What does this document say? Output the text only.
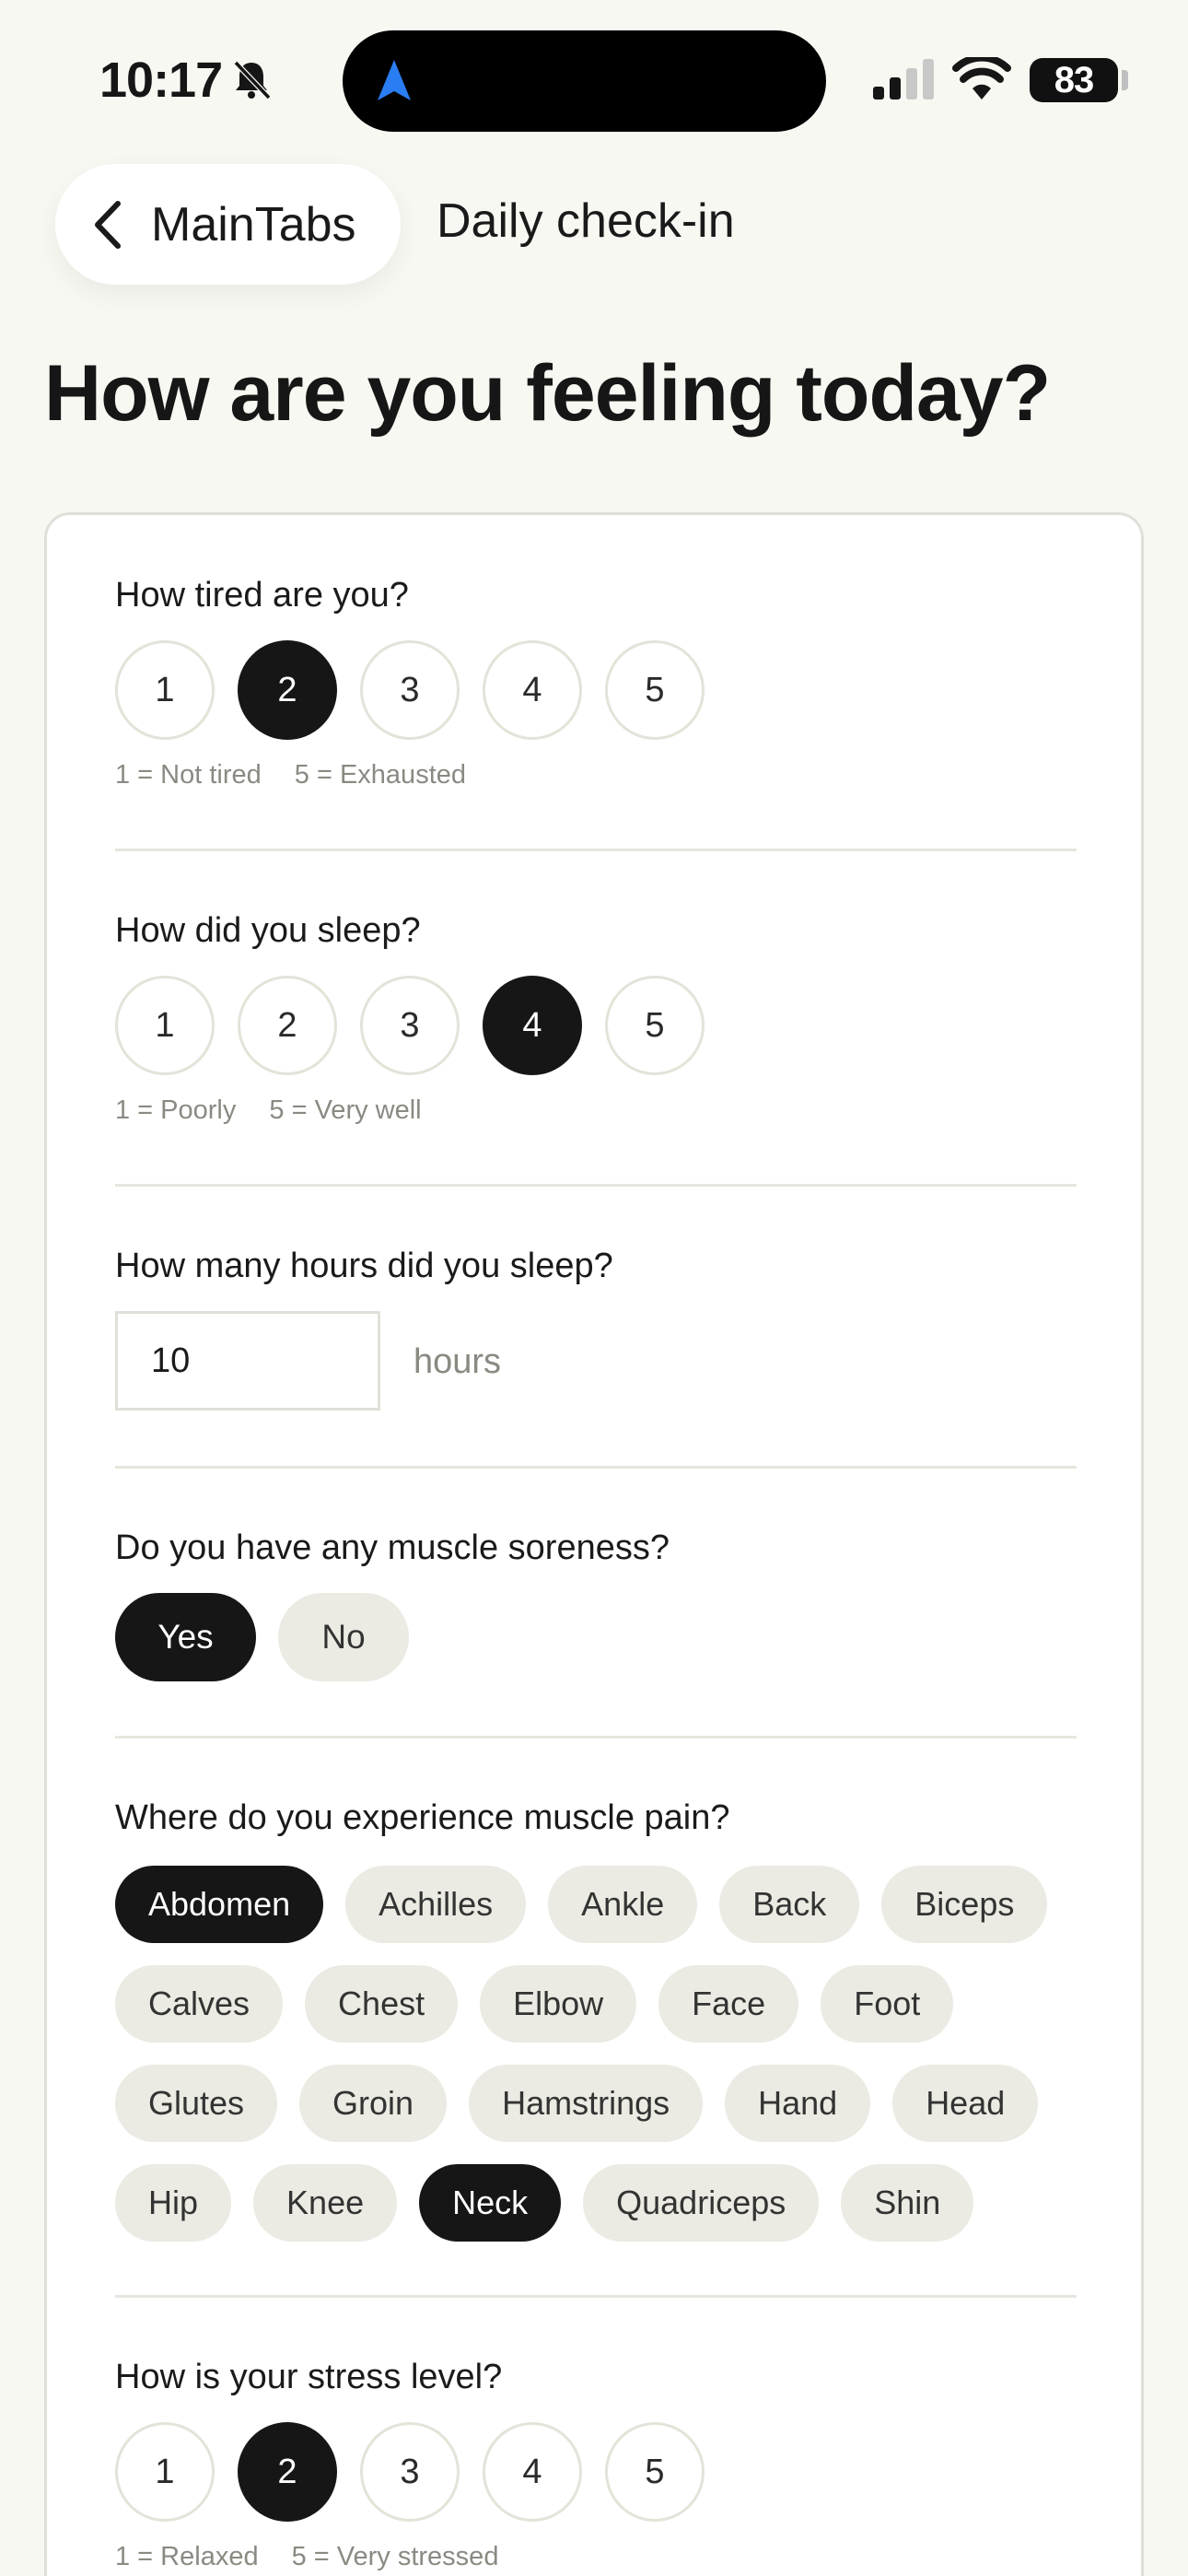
10:17	83
MainTabs Daily check-in
How are you feeling today?
How tired are you?
1	2	3	4	5
1 = Not tired 5 = Exhausted
How did you sleep?
1	2	3	4	5
1 = Poorly 5 = Very well
How many hours did you sleep?
10	hours
Do you have any muscle soreness?
Yes	No
Where do you experience muscle pain?
Abdomen	Achilles	Ankle	Back	Biceps
Calves	Chest	Elbow	Face	Foot
Glutes	Groin	Hamstrings	Hand	Head
Hip	Knee	Neck	Quadriceps	Shin
How is your stress level?
1	2	3	4	5
1 = Relaxed 5 = Very stressed
